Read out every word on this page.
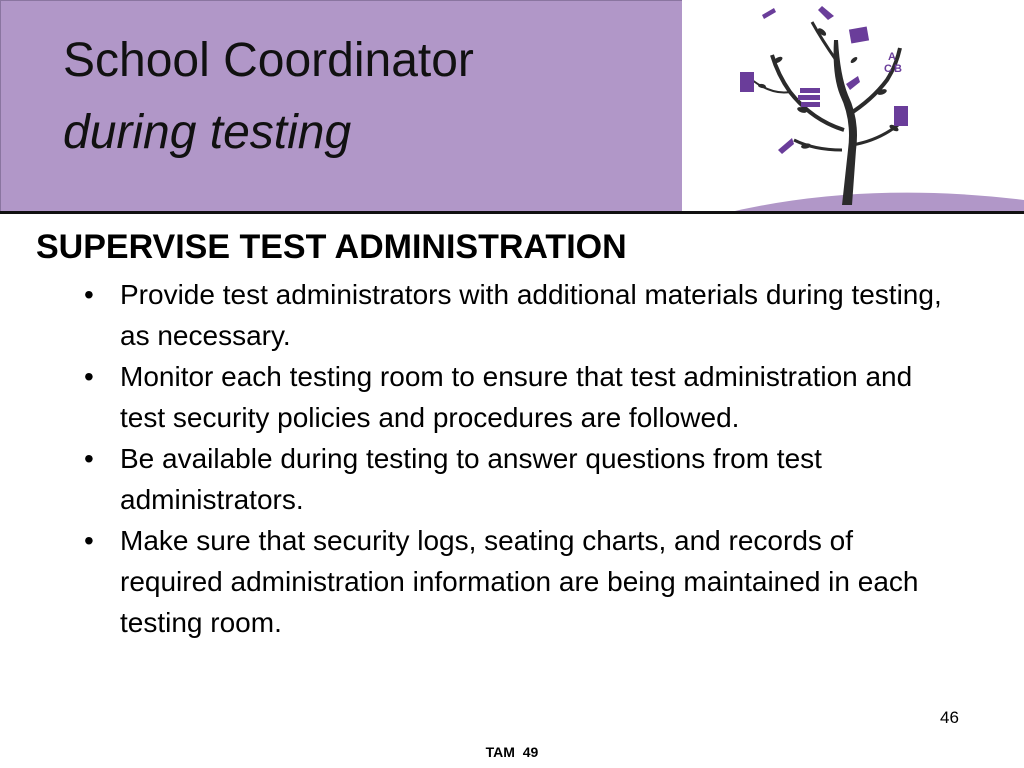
School Coordinator
during testing
A
B
C
SUPERVISE TEST ADMINISTRATION
• Provide test administrators with additional materials during testing, as necessary.
• Monitor each testing room to ensure that test administration and test security policies and procedures are followed.
• Be available during testing to answer questions from test administrators.
• Make sure that security logs, seating charts, and records of required administration information are being maintained in each testing room.
46
TAM  49
